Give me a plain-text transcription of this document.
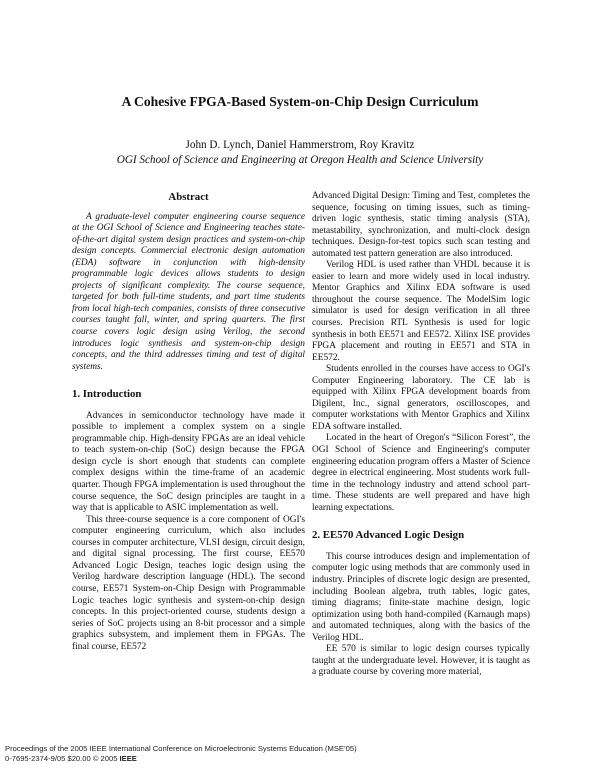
A Cohesive FPGA-Based System-on-Chip Design Curriculum
John D. Lynch, Daniel Hammerstrom, Roy Kravitz
OGI School of Science and Engineering at Oregon Health and Science University
Abstract

A graduate-level computer engineering course sequence at the OGI School of Science and Engineering teaches state-of-the-art digital system design practices and system-on-chip design concepts. Commercial electronic design automation (EDA) software in conjunction with high-density programmable logic devices allows students to design projects of significant complexity. The course sequence, targeted for both full-time students, and part time students from local high-tech companies, consists of three consecutive courses taught fall, winter, and spring quarters. The first course covers logic design using Verilog, the second introduces logic synthesis and system-on-chip design concepts, and the third addresses timing and test of digital systems.

1. Introduction

Advances in semiconductor technology have made it possible to implement a complex system on a single programmable chip. High-density FPGAs are an ideal vehicle to teach system-on-chip (SoC) design because the FPGA design cycle is short enough that students can complete complex designs within the time-frame of an academic quarter. Though FPGA implementation is used throughout the course sequence, the SoC design principles are taught in a way that is applicable to ASIC implementation as well.

This three-course sequence is a core component of OGI's computer engineering curriculum, which also includes courses in computer architecture, VLSI design, circuit design, and digital signal processing. The first course, EE570 Advanced Logic Design, teaches logic design using the Verilog hardware description language (HDL). The second course, EE571 System-on-Chip Design with Programmable Logic teaches logic synthesis and system-on-chip design concepts. In this project-oriented course, students design a series of SoC projects using an 8-bit processor and a simple graphics subsystem, and implement them in FPGAs. The final course, EE572

Advanced Digital Design: Timing and Test, completes the sequence, focusing on timing issues, such as timing-driven logic synthesis, static timing analysis (STA), metastability, synchronization, and multi-clock design techniques. Design-for-test topics such scan testing and automated test pattern generation are also introduced.

Verilog HDL is used rather than VHDL because it is easier to learn and more widely used in local industry. Mentor Graphics and Xilinx EDA software is used throughout the course sequence. The ModelSim logic simulator is used for design verification in all three courses. Precision RTL Synthesis is used for logic synthesis in both EE571 and EE572. Xilinx ISE provides FPGA placement and routing in EE571 and STA in EE572.

Students enrolled in the courses have access to OGI's Computer Engineering laboratory. The CE lab is equipped with Xilinx FPGA development boards from Digilent, Inc., signal generators, oscilloscopes, and computer workstations with Mentor Graphics and Xilinx EDA software installed.

Located in the heart of Oregon's “Silicon Forest”, the OGI School of Science and Engineering's computer engineering education program offers a Master of Science degree in electrical engineering. Most students work full-time in the technology industry and attend school part-time. These students are well prepared and have high learning expectations.

2. EE570 Advanced Logic Design

This course introduces design and implementation of computer logic using methods that are commonly used in industry. Principles of discrete logic design are presented, including Boolean algebra, truth tables, logic gates, timing diagrams; finite-state machine design, logic optimization using both hand-compiled (Karnaugh maps) and automated techniques, along with the basics of the Verilog HDL.

EE 570 is similar to logic design courses typically taught at the undergraduate level. However, it is taught as a graduate course by covering more material,

Proceedings of the 2005 IEEE International Conference on Microelectronic Systems Education (MSE’05)
0-7695-2374-9/05 $20.00 © 2005 IEEE
